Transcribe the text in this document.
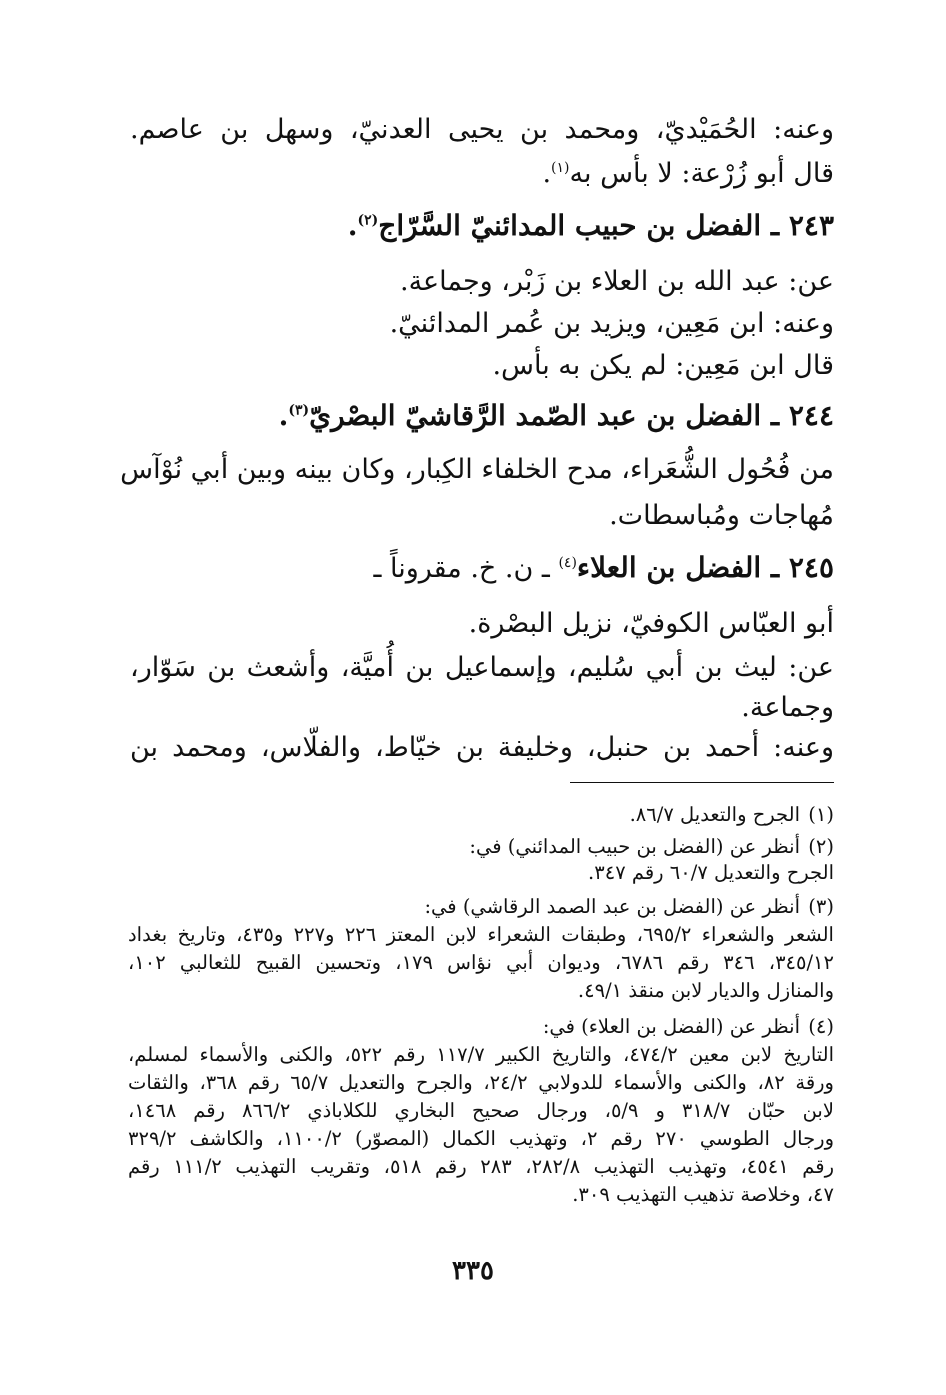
وعنه: الحُمَيْديّ، ومحمد بن يحيى العدنيّ، وسهل بن عاصم.
قال أبو زُرْعة: لا بأس به$^{(١)}$.
٢٤٣ ـ الفضل بن حبيب المدائنيّ السَّرّاج$^{(٢)}$.
عن: عبد الله بن العلاء بن زَبْر، وجماعة.
وعنه: ابن مَعِين، ويزيد بن عُمر المدائنيّ.
قال ابن مَعِين: لم يكن به بأس.
٢٤٤ ـ الفضل بن عبد الصّمد الرَّقاشيّ البصْريّ$^{(٣)}$.
من فُحُول الشُّعَراء، مدح الخلفاء الكِبار، وكان بينه وبين أبي نُوْآس
مُهاجات ومُباسطات.
٢٤٥ ـ الفضل بن العلاء$^{(٤)}$ ـ ن. خ. مقروناً ـ
أبو العبّاس الكوفيّ، نزيل البصْرة.
عن: ليث بن أبي سُليم، وإسماعيل بن أُميَّة، وأشعث بن سَوّار،
وجماعة.
وعنه: أحمد بن حنبل، وخليفة بن خيّاط، والفلّاس، ومحمد بن
(١)الجرح والتعديل ٨٦/٧.
(٢)أنظر عن (الفضل بن حبيب المدائني) في:
الجرح والتعديل ٦٠/٧ رقم ٣٤٧.
(٣)أنظر عن (الفضل بن عبد الصمد الرقاشي) في:
الشعر والشعراء ٦٩٥/٢، وطبقات الشعراء لابن المعتز ٢٢٦ و٢٢٧ و٤٣٥، وتاريخ بغداد
٣٤٥/١٢، ٣٤٦ رقم ٦٧٨٦، وديوان أبي نؤاس ١٧٩، وتحسين القبيح للثعالبي ١٠٢،
والمنازل والديار لابن منقذ ٤٩/١.
(٤)أنظر عن (الفضل بن العلاء) في:
التاريخ لابن معين ٤٧٤/٢، والتاريخ الكبير ١١٧/٧ رقم ٥٢٢، والكنى والأسماء لمسلم،
ورقة ٨٢، والكنى والأسماء للدولابي ٢٤/٢، والجرح والتعديل ٦٥/٧ رقم ٣٦٨، والثقات
لابن حبّان ٣١٨/٧ و ٥/٩، ورجال صحيح البخاري للكلاباذي ٨٦٦/٢ رقم ١٤٦٨،
ورجال الطوسي ٢٧٠ رقم ٢، وتهذيب الكمال (المصوّر) ١١٠٠/٢، والكاشف ٣٢٩/٢
رقم ٤٥٤١، وتهذيب التهذيب ٢٨٢/٨، ٢٨٣ رقم ٥١٨، وتقريب التهذيب ١١١/٢ رقم
٤٧، وخلاصة تذهيب التهذيب ٣٠٩.
٣٣٥
